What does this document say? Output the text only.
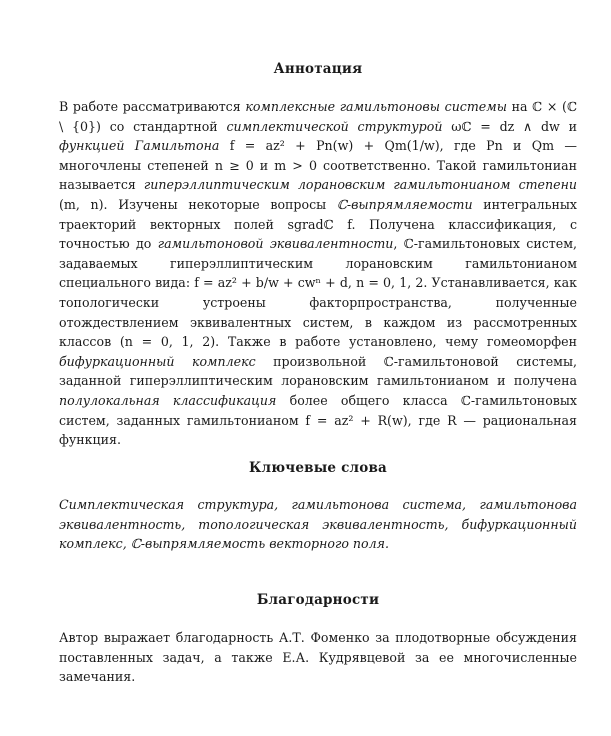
Аннотация
В работе рассматриваются комплексные гамильтоновы системы на ℂ × (ℂ \ {0}) со стандартной симплектической структурой ωℂ = dz ∧ dw и функцией Гамильтона f = az² + Pn(w) + Qm(1/w), где Pn и Qm — многочлены степеней n ≥ 0 и m > 0 соответственно. Такой гамильтониан называется гиперэллиптическим лорановским гамильтонианом степени (m, n). Изучены некоторые вопросы ℂ-выпрямляемости интегральных траекторий векторных полей sgradℂ f. Получена классификация, с точностью до гамильтоновой эквивалентности, ℂ-гамильтоновых систем, задаваемых гиперэллиптическим лорановским гамильтонианом специального вида: f = az² + b/w + cwⁿ + d, n = 0, 1, 2. Устанавливается, как топологически устроены факторпространства, полученные отождествлением эквивалентных систем, в каждом из рассмотренных классов (n = 0, 1, 2). Также в работе установлено, чему гомеоморфен бифуркационный комплекс произвольной ℂ-гамильтоновой системы, заданной гиперэллиптическим лорановским гамильтонианом и получена полулокальная классификация более общего класса ℂ-гамильтоновых систем, заданных гамильтонианом f = az² + R(w), где R — рациональная функция.
Ключевые слова
Симплектическая структура, гамильтонова система, гамильтонова эквивалентность, топологическая эквивалентность, бифуркационный комплекс, ℂ-выпрямляемость векторного поля.
Благодарности
Автор выражает благодарность А.Т. Фоменко за плодотворные обсуждения поставленных задач, а также Е.А. Кудрявцевой за ее многочисленные замечания.
